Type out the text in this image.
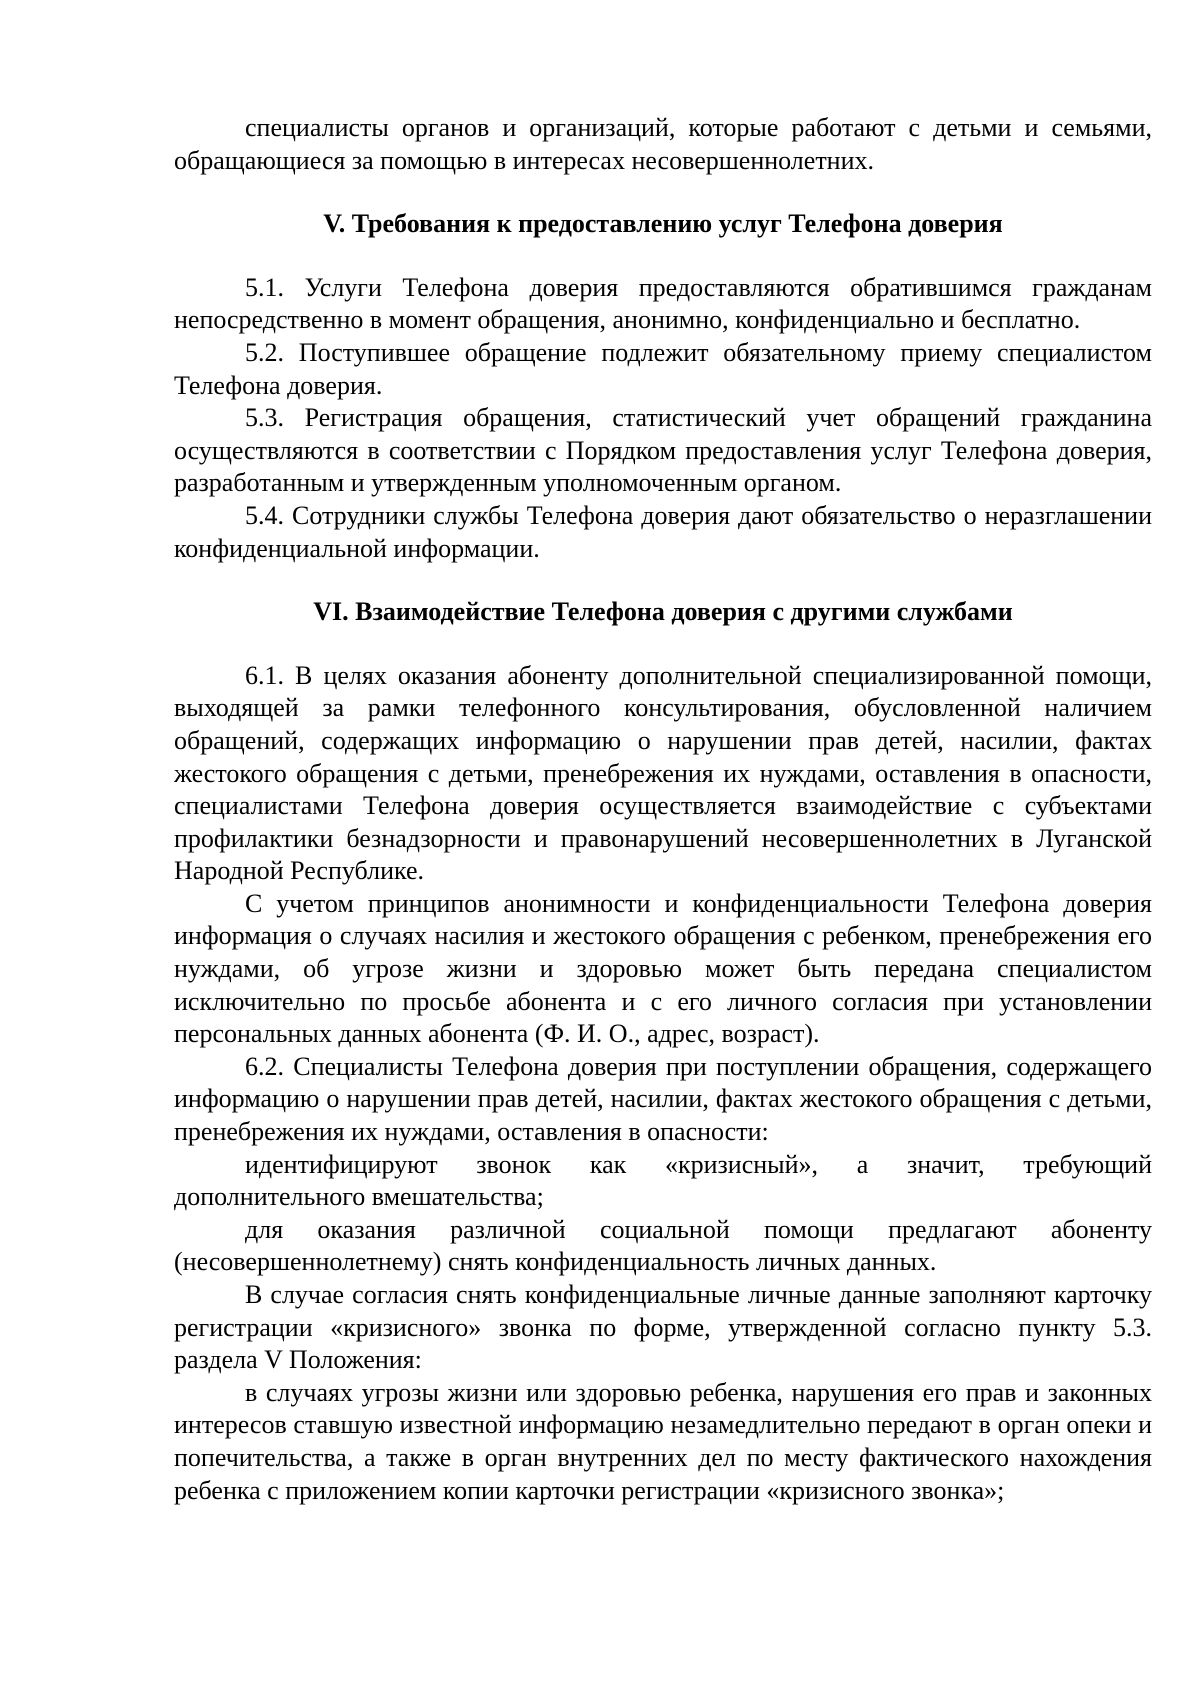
специалисты органов и организаций, которые работают с детьми и семьями, обращающиеся за помощью в интересах несовершеннолетних.

V. Требования к предоставлению услуг Телефона доверия

5.1. Услуги Телефона доверия предоставляются обратившимся гражданам непосредственно в момент обращения, анонимно, конфиденциально и бесплатно.

5.2. Поступившее обращение подлежит обязательному приему специалистом Телефона доверия.

5.3. Регистрация обращения, статистический учет обращений гражданина осуществляются в соответствии с Порядком предоставления услуг Телефона доверия, разработанным и утвержденным уполномоченным органом.

5.4. Сотрудники службы Телефона доверия дают обязательство о неразглашении конфиденциальной информации.

VI. Взаимодействие Телефона доверия с другими службами

6.1. В целях оказания абоненту дополнительной специализированной помощи, выходящей за рамки телефонного консультирования, обусловленной наличием обращений, содержащих информацию о нарушении прав детей, насилии, фактах жестокого обращения с детьми, пренебрежения их нуждами, оставления в опасности, специалистами Телефона доверия осуществляется взаимодействие с субъектами профилактики безнадзорности и правонарушений несовершеннолетних в Луганской Народной Республике.

С учетом принципов анонимности и конфиденциальности Телефона доверия информация о случаях насилия и жестокого обращения с ребенком, пренебрежения его нуждами, об угрозе жизни и здоровью может быть передана специалистом исключительно по просьбе абонента и с его личного согласия при установлении персональных данных абонента (Ф. И. О., адрес, возраст).

6.2. Специалисты Телефона доверия при поступлении обращения, содержащего информацию о нарушении прав детей, насилии, фактах жестокого обращения с детьми, пренебрежения их нуждами, оставления в опасности:

идентифицируют звонок как «кризисный», а значит, требующий дополнительного вмешательства;

для оказания различной социальной помощи предлагают абоненту (несовершеннолетнему) снять конфиденциальность личных данных.

В случае согласия снять конфиденциальные личные данные заполняют карточку регистрации «кризисного» звонка по форме, утвержденной согласно пункту 5.3. раздела V Положения:

в случаях угрозы жизни или здоровью ребенка, нарушения его прав и законных интересов ставшую известной информацию незамедлительно передают в орган опеки и попечительства, а также в орган внутренних дел по месту фактического нахождения ребенка с приложением копии карточки регистрации «кризисного звонка»;
